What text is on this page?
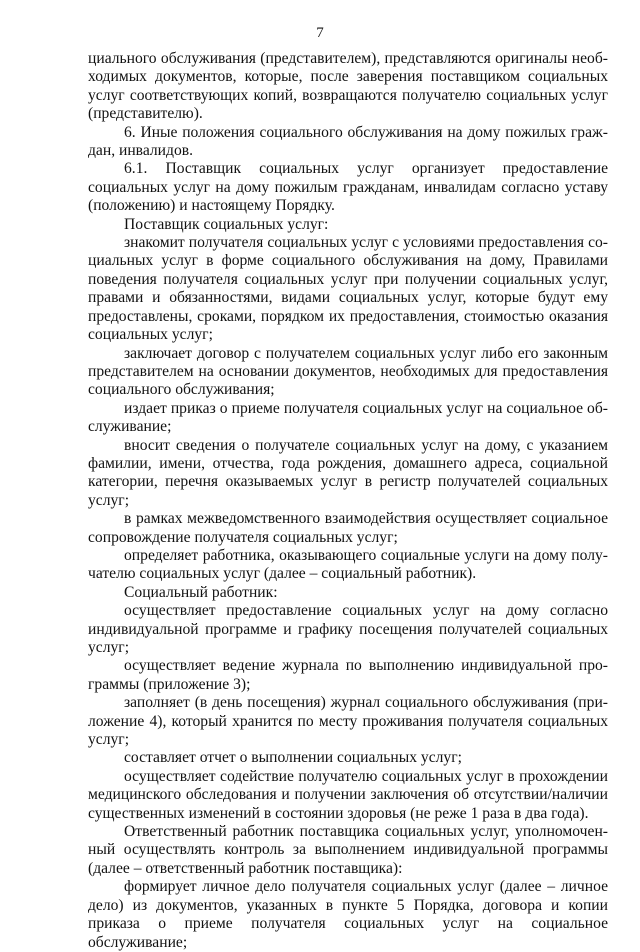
7

циального обслуживания (представителем), представляются оригиналы необходимых документов, которые, после заверения поставщиком социальных услуг соответствующих копий, возвращаются получателю социальных услуг (представителю).

6. Иные положения социального обслуживания на дому пожилых граждан, инвалидов.

6.1. Поставщик социальных услуг организует предоставление социальных услуг на дому пожилым гражданам, инвалидам согласно уставу (положению) и настоящему Порядку.

Поставщик социальных услуг:

знакомит получателя социальных услуг с условиями предоставления социальных услуг в форме социального обслуживания на дому, Правилами поведения получателя социальных услуг при получении социальных услуг, правами и обязанностями, видами социальных услуг, которые будут ему предоставлены, сроками, порядком их предоставления, стоимостью оказания социальных услуг;

заключает договор с получателем социальных услуг либо его законным представителем на основании документов, необходимых для предоставления социального обслуживания;

издает приказ о приеме получателя социальных услуг на социальное обслуживание;

вносит сведения о получателе социальных услуг на дому, с указанием фамилии, имени, отчества, года рождения, домашнего адреса, социальной категории, перечня оказываемых услуг в регистр получателей социальных услуг;

в рамках межведомственного взаимодействия осуществляет социальное сопровождение получателя социальных услуг;

определяет работника, оказывающего социальные услуги на дому получателю социальных услуг (далее – социальный работник).

Социальный работник:

осуществляет предоставление социальных услуг на дому согласно индивидуальной программе и графику посещения получателей социальных услуг;

осуществляет ведение журнала по выполнению индивидуальной программы (приложение 3);

заполняет (в день посещения) журнал социального обслуживания (приложение 4), который хранится по месту проживания получателя социальных услуг;

составляет отчет о выполнении социальных услуг;

осуществляет содействие получателю социальных услуг в прохождении медицинского обследования и получении заключения об отсутствии/наличии существенных изменений в состоянии здоровья (не реже 1 раза в два года).

Ответственный работник поставщика социальных услуг, уполномоченный осуществлять контроль за выполнением индивидуальной программы (далее – ответственный работник поставщика):

формирует личное дело получателя социальных услуг (далее – личное дело) из документов, указанных в пункте 5 Порядка, договора и копии приказа о приеме получателя социальных услуг на социальное обслуживание;
